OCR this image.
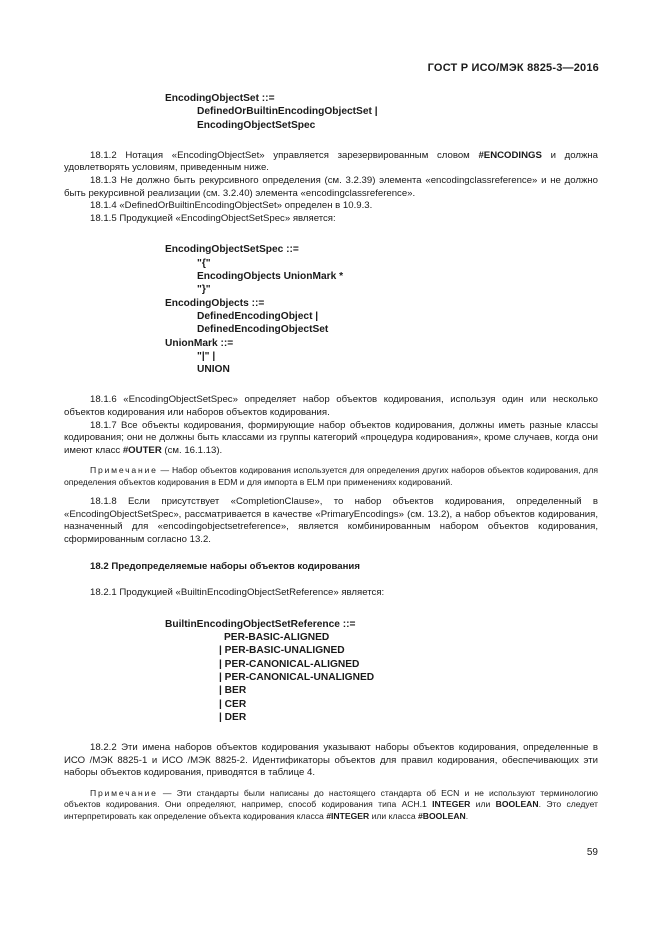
ГОСТ Р ИСО/МЭК 8825-3—2016
EncodingObjectSet ::=
DefinedOrBuiltinEncodingObjectSet |
EncodingObjectSetSpec

18.1.2 Нотация «EncodingObjectSet» управляется зарезервированным словом #ENCODINGS и должна удовлетворять условиям, приведенным ниже.

18.1.3 Не должно быть рекурсивного определения (см. 3.2.39) элемента «encodingclassreference» и не должно быть рекурсивной реализации (см. 3.2.40) элемента «encodingclassreference».

18.1.4 «DefinedOrBuiltinEncodingObjectSet» определен в 10.9.3.

18.1.5 Продукцией «EncodingObjectSetSpec» является:

EncodingObjectSetSpec ::=
"{"
EncodingObjects UnionMark *
"}"
EncodingObjects ::=
DefinedEncodingObject |
DefinedEncodingObjectSet
UnionMark ::=
"|" |
UNION

18.1.6 «EncodingObjectSetSpec» определяет набор объектов кодирования, используя один или несколько объектов кодирования или наборов объектов кодирования.

18.1.7 Все объекты кодирования, формирующие набор объектов кодирования, должны иметь разные классы кодирования; они не должны быть классами из группы категорий «процедура кодирования», кроме случаев, когда они имеют класс #OUTER (см. 16.1.13).

Примечание — Набор объектов кодирования используется для определения других наборов объектов кодирования, для определения объектов кодирования в EDM и для импорта в ELM при применениях кодирований.

18.1.8 Если присутствует «CompletionClause», то набор объектов кодирования, определенный в «EncodingObjectSetSpec», рассматривается в качестве «PrimaryEncodings» (см. 13.2), а набор объектов кодирования, назначенный для «encodingobjectsetreference», является комбинированным набором объектов кодирования, сформированным согласно 13.2.

18.2 Предопределяемые наборы объектов кодирования

18.2.1 Продукцией «BuiltinEncodingObjectSetReference» является:

BuiltinEncodingObjectSetReference ::=
PER-BASIC-ALIGNED
| PER-BASIC-UNALIGNED
| PER-CANONICAL-ALIGNED
| PER-CANONICAL-UNALIGNED
| BER
| CER
| DER

18.2.2 Эти имена наборов объектов кодирования указывают наборы объектов кодирования, определенные в ИСО /МЭК 8825-1 и ИСО /МЭК 8825-2. Идентификаторы объектов для правил кодирования, обеспечивающих эти наборы объектов кодирования, приводятся в таблице 4.

Примечание — Эти стандарты были написаны до настоящего стандарта об ECN и не используют терминологию объектов кодирования. Они определяют, например, способ кодирования типа АСН.1 INTEGER или BOOLEAN. Это следует интерпретировать как определение объекта кодирования класса #INTEGER или класса #BOOLEAN.

59
